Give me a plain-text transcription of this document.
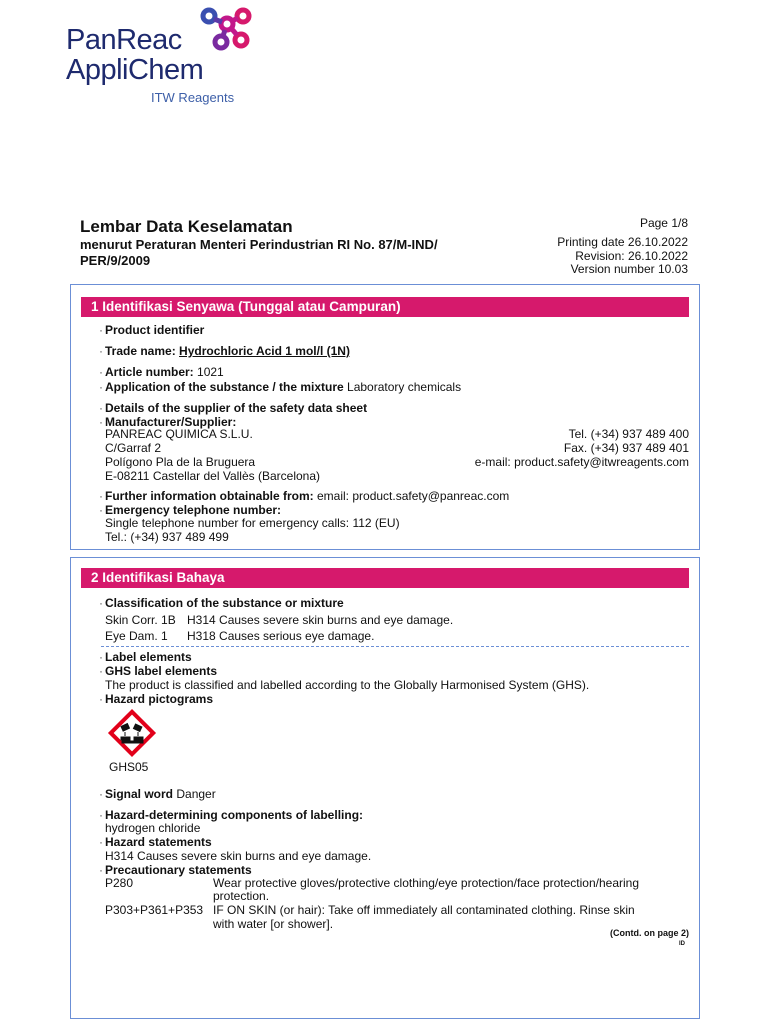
PanReac
AppliChem
ITW Reagents
Lembar Data Keselamatan
menurut Peraturan Menteri Perindustrian RI No. 87/M-IND/ PER/9/2009
Page 1/8
Printing date 26.10.2022
Revision: 26.10.2022
Version number 10.03
1 Identifikasi Senyawa (Tunggal atau Campuran)
· Product identifier
· Trade name: Hydrochloric Acid 1 mol/l (1N)
· Article number: 1021
· Application of the substance / the mixture Laboratory chemicals
· Details of the supplier of the safety data sheet
· Manufacturer/Supplier:
PANREAC QUIMICA S.L.U.
C/Garraf 2
Polígono Pla de la Bruguera
E-08211 Castellar del Vallès (Barcelona)
Tel. (+34) 937 489 400
Fax. (+34) 937 489 401
e-mail: product.safety@itwreagents.com
· Further information obtainable from: email: product.safety@panreac.com
· Emergency telephone number:
Single telephone number for emergency calls: 112 (EU)
Tel.: (+34) 937 489 499
2 Identifikasi Bahaya
· Classification of the substance or mixture
Skin Corr. 1B H314 Causes severe skin burns and eye damage.
Eye Dam. 1 H318 Causes serious eye damage.
· Label elements
· GHS label elements
The product is classified and labelled according to the Globally Harmonised System (GHS).
· Hazard pictograms
GHS05
· Signal word Danger
· Hazard-determining components of labelling:
hydrogen chloride
· Hazard statements
H314 Causes severe skin burns and eye damage.
· Precautionary statements
P280	Wear protective gloves/protective clothing/eye protection/face protection/hearing
protection.
P303+P361+P353 IF ON SKIN (or hair): Take off immediately all contaminated clothing. Rinse skin
with water [or shower].
(Contd. on page 2)
ID
